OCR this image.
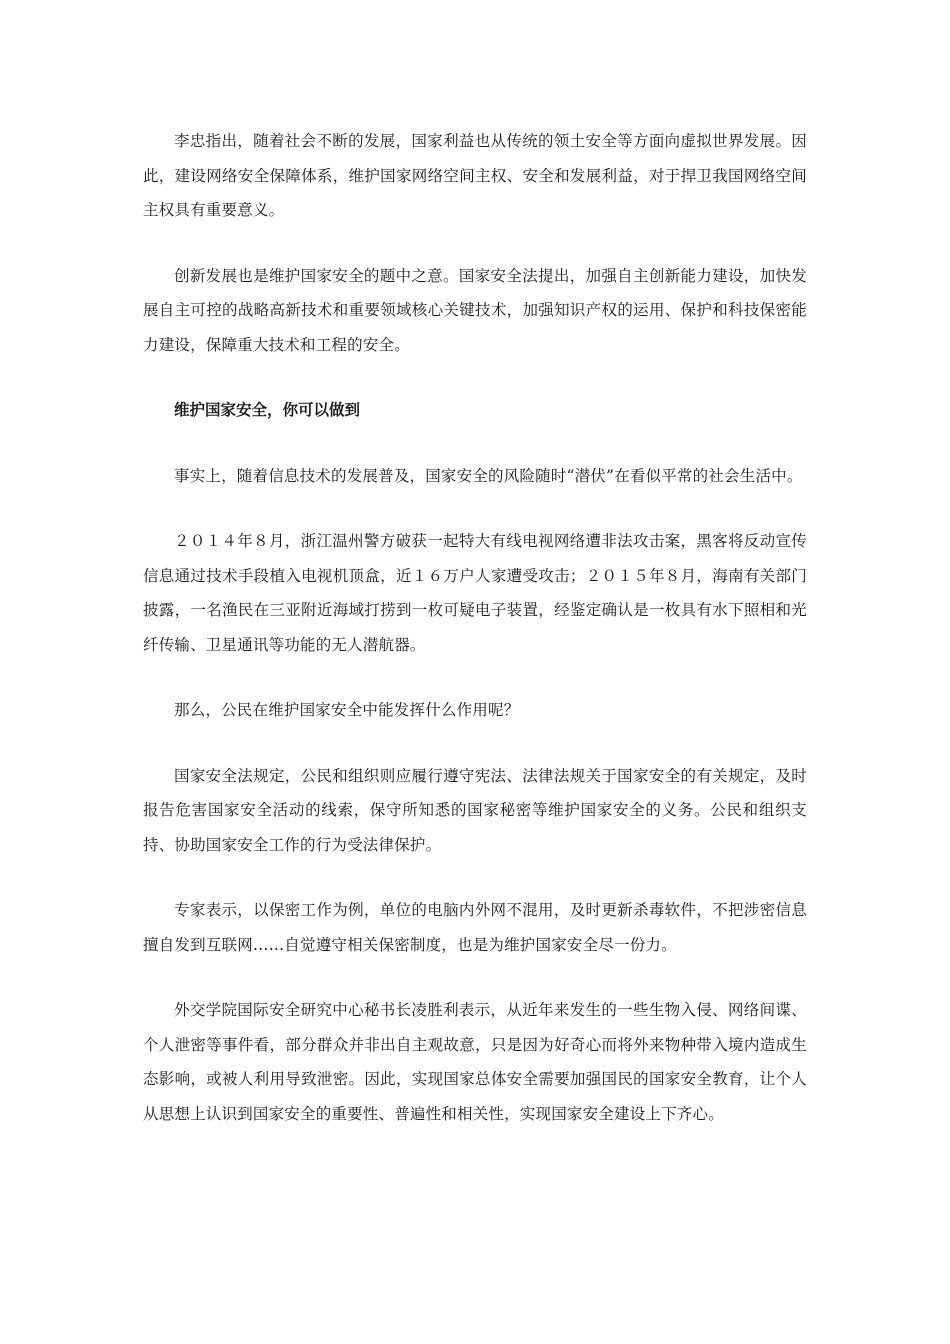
李忠指出，随着社会不断的发展，国家利益也从传统的领土安全等方面向虚拟世界发展。因此，建设网络安全保障体系，维护国家网络空间主权、安全和发展利益，对于捍卫我国网络空间主权具有重要意义。

创新发展也是维护国家安全的题中之意。国家安全法提出，加强自主创新能力建设，加快发展自主可控的战略高新技术和重要领域核心关键技术，加强知识产权的运用、保护和科技保密能力建设，保障重大技术和工程的安全。

维护国家安全，你可以做到

事实上，随着信息技术的发展普及，国家安全的风险随时“潜伏”在看似平常的社会生活中。

２０１４年８月，浙江温州警方破获一起特大有线电视网络遭非法攻击案，黑客将反动宣传信息通过技术手段植入电视机顶盒，近１６万户人家遭受攻击；２０１５年８月，海南有关部门披露，一名渔民在三亚附近海域打捞到一枚可疑电子装置，经鉴定确认是一枚具有水下照相和光纤传输、卫星通讯等功能的无人潜航器。

那么，公民在维护国家安全中能发挥什么作用呢？

国家安全法规定，公民和组织则应履行遵守宪法、法律法规关于国家安全的有关规定，及时报告危害国家安全活动的线索，保守所知悉的国家秘密等维护国家安全的义务。公民和组织支持、协助国家安全工作的行为受法律保护。

专家表示，以保密工作为例，单位的电脑内外网不混用，及时更新杀毒软件，不把涉密信息擅自发到互联网……自觉遵守相关保密制度，也是为维护国家安全尽一份力。

外交学院国际安全研究中心秘书长凌胜利表示，从近年来发生的一些生物入侵、网络间谍、个人泄密等事件看，部分群众并非出自主观故意，只是因为好奇心而将外来物种带入境内造成生态影响，或被人利用导致泄密。因此，实现国家总体安全需要加强国民的国家安全教育，让个人从思想上认识到国家安全的重要性、普遍性和相关性，实现国家安全建设上下齐心。
